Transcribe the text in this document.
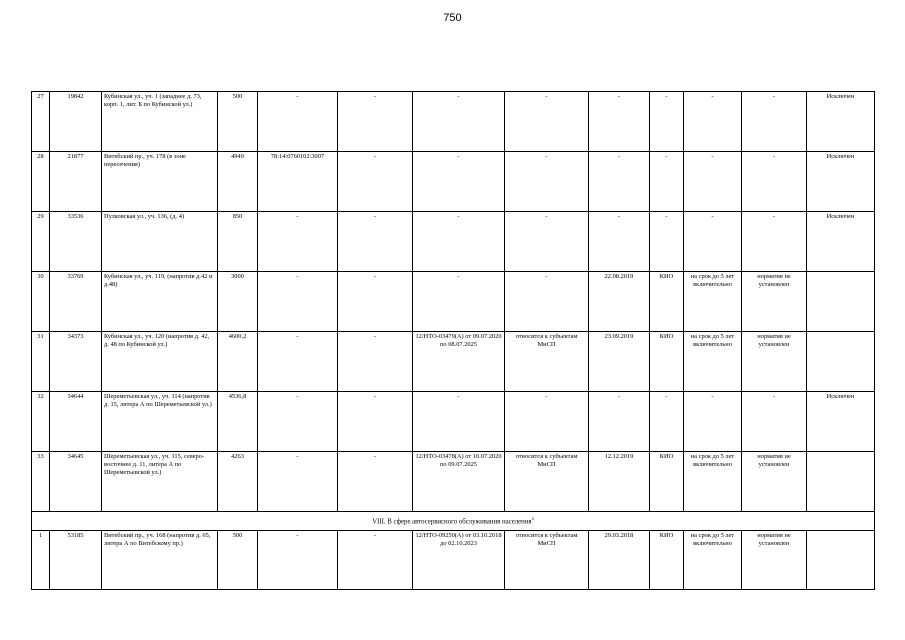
750
27	19842	Кубинская ул., уч. 1 (западнее д. 73, корп. 1, лит. Б по Кубинской ул.)	500	-	-	-	-	-	-	-	-	Исключен
28	21877	Витебский пр., уч. 178 (в зоне пересечения)	4949	78:14:0760102:3007	-	-	-	-	-	-	-	Исключен
29	33536	Пулковская ул., уч. 136, (д. 4)	850	-	-	-	-	-	-	-	-	Исключен
30	33769	Кубинская ул., уч. 119, (напротив д.42 и д.48)	3000	-	-	-	-	22.08.2019	КИО	на срок до 5 лет включительно	норматив не установлен	
31	34373	Кубинская ул., уч. 120 (напротив д. 42, д. 48 по Кубинской ул.)	4600,2	-	-	12/НТО-03479(А) от 09.07.2020 по 08.07.2025	относится к субъектам МиСП	23.09.2019	КИО	на срок до 5 лет включительно	норматив не установлен	
32	34644	Шереметьевская ул., уч. 114 (напротив д. 15, литера А по Шереметьевской ул.)	4536,8	-	-	-	-	-	-	-	-	Исключен
33	34645	Шереметьевская ул., уч. 115, северо-восточнее д. 11, литера А по Шереметьевской ул.)	4263	-	-	12/НТО-03478(А) от 10.07.2020 по 09.07.2025	относится к субъектам МиСП	12.12.2019	КИО	на срок до 5 лет включительно	норматив не установлен	
VIII. В сфере автосервисного обслуживания населения$^4$
1	53185	Витебский пр., уч. 168 (напротив д. 65, литера А по Витебскому пр.)	500	-	-	12/НТО-09250(А) от 03.10.2018 до 02.10.2023	относится к субъектам МиСП	29.03.2018	КИО	на срок до 5 лет включительно	норматив не установлен	
